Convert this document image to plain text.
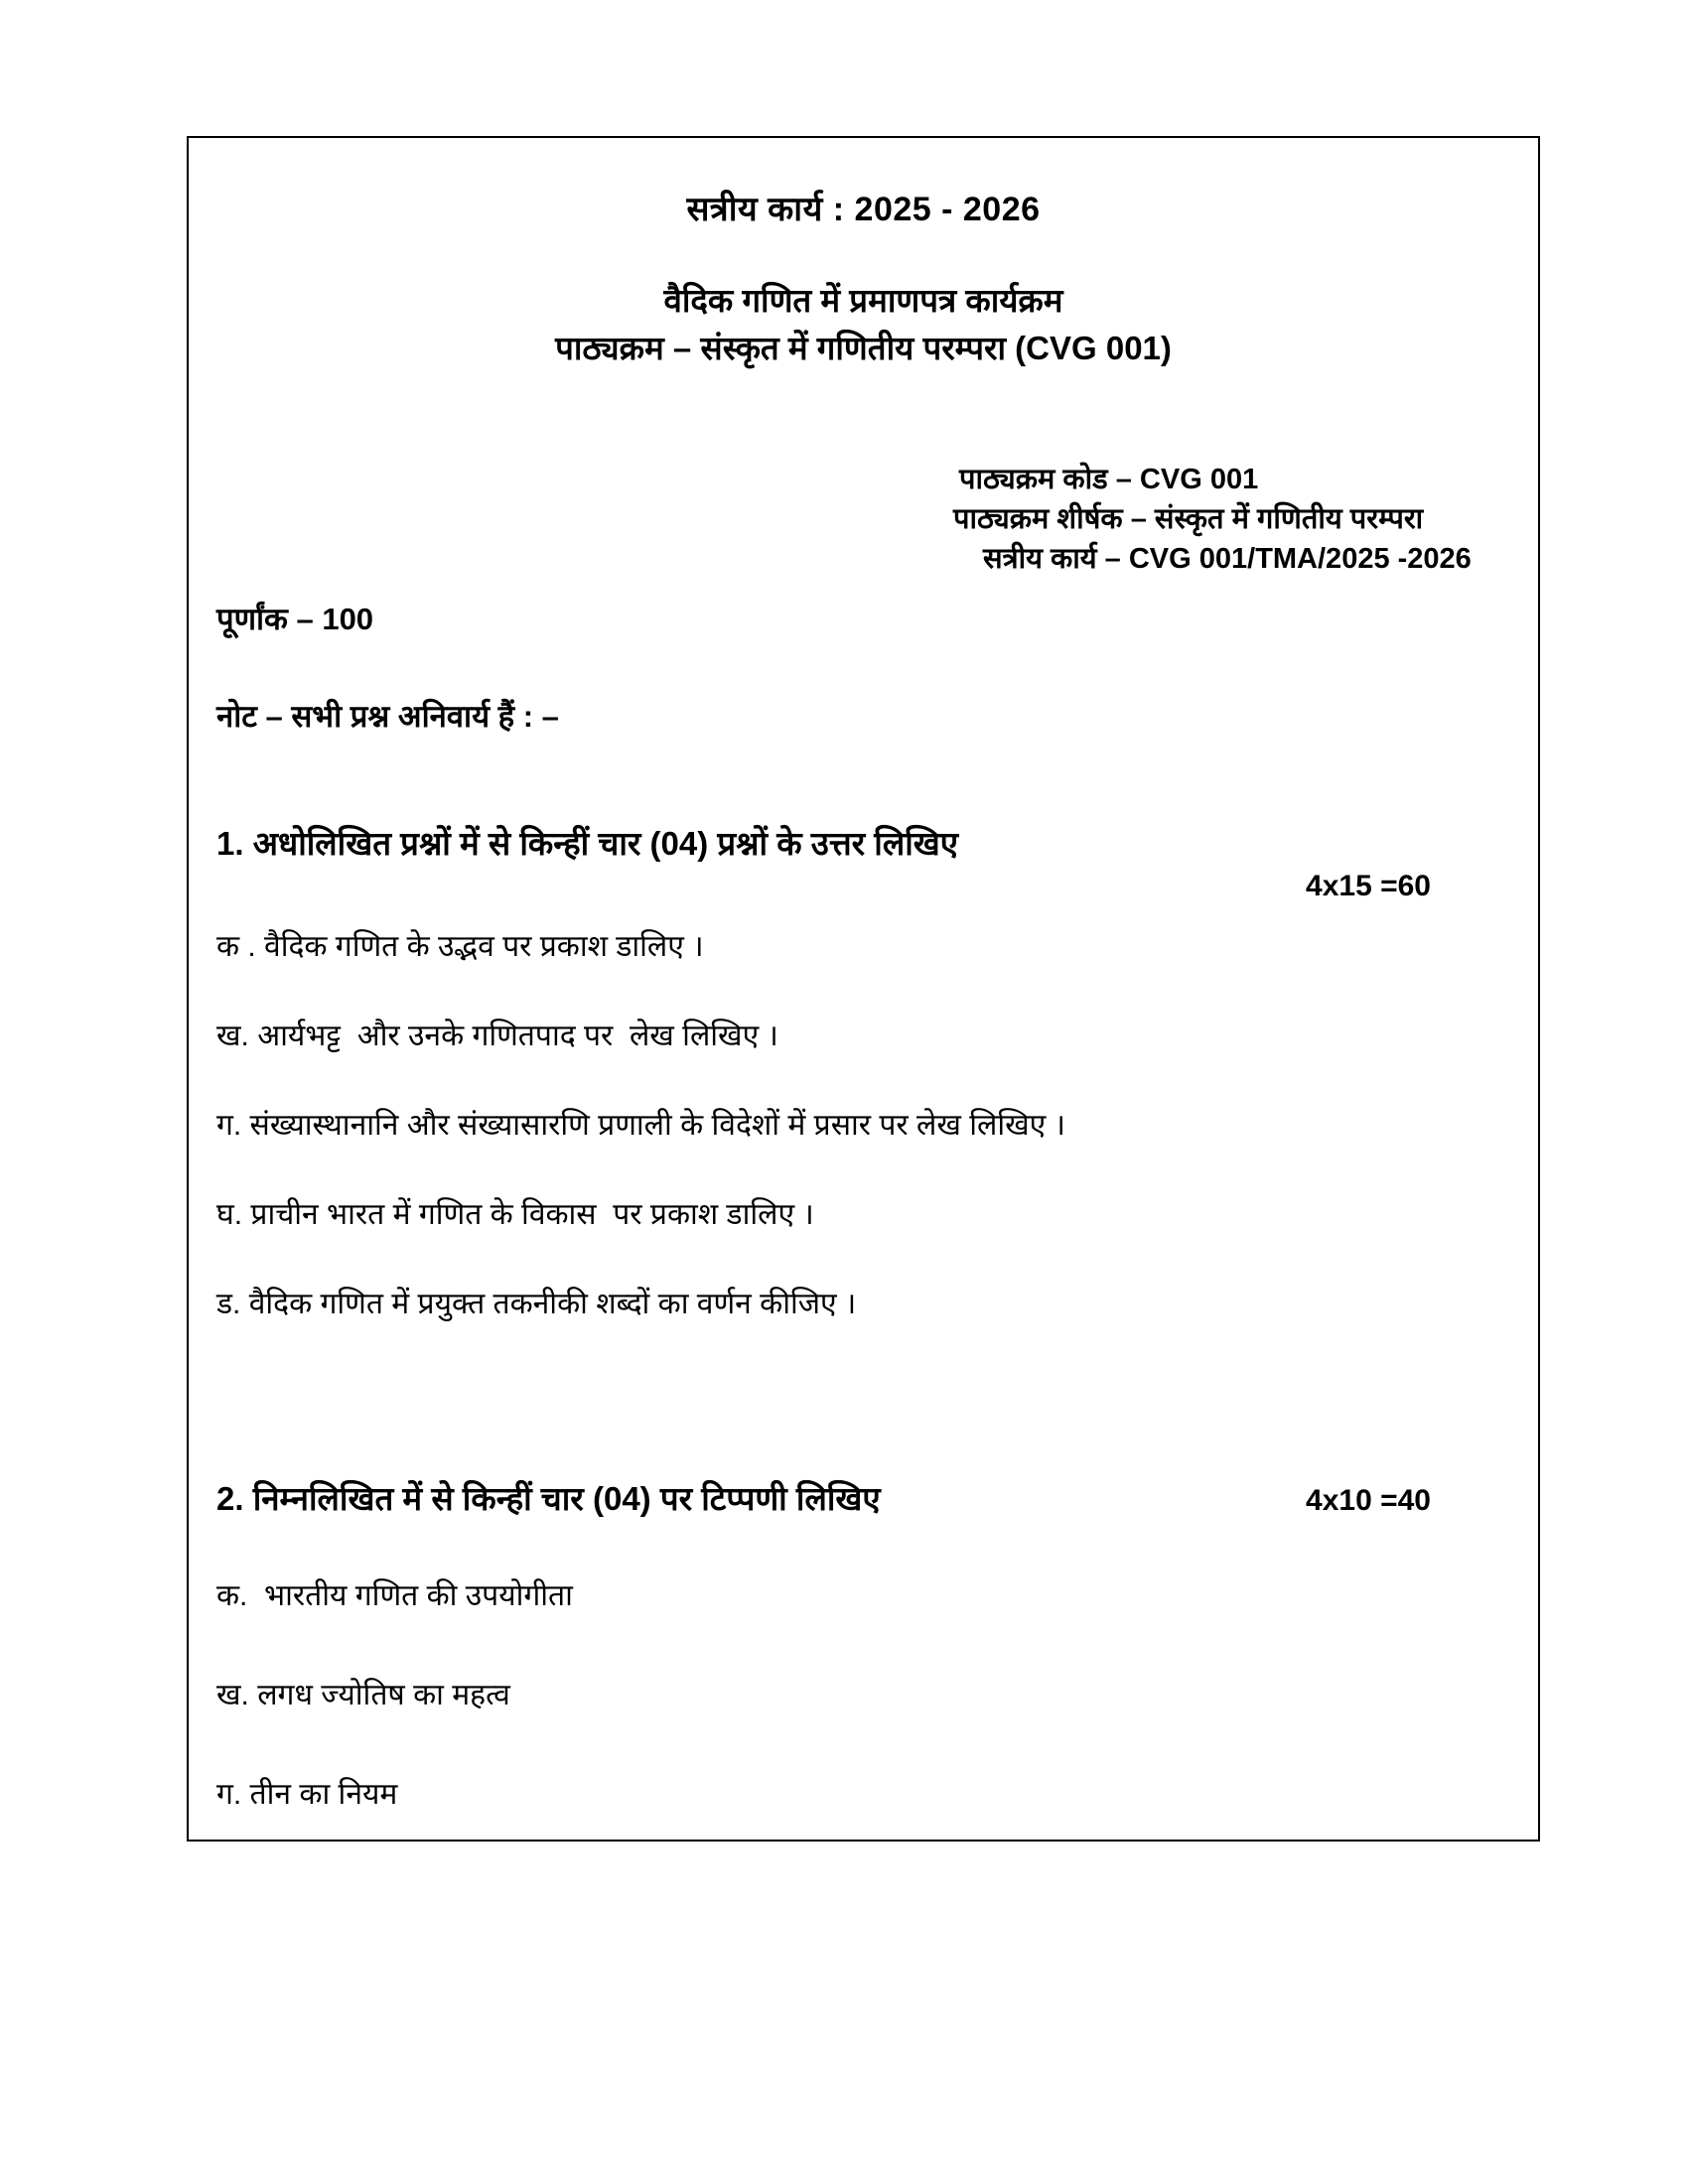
सत्रीय कार्य : 2025 - 2026
वैदिक गणित में प्रमाणपत्र कार्यक्रम
पाठ्यक्रम – संस्कृत में गणितीय परम्परा (CVG 001)
पाठ्यक्रम कोड – CVG 001
पाठ्यक्रम शीर्षक – संस्कृत में गणितीय परम्परा
सत्रीय कार्य – CVG 001/TMA/2025 -2026
पूर्णांक – 100
नोट – सभी प्रश्न अनिवार्य हैं : –
1. अधोलिखित प्रश्नों में से किन्हीं चार (04) प्रश्नों के उत्तर लिखिए
4x15 =60
क . वैदिक गणित के उद्भव पर प्रकाश डालिए ।
ख. आर्यभट्ट  और उनके गणितपाद पर  लेख लिखिए ।
ग. संख्यास्थानानि और संख्यासारणि प्रणाली के विदेशों में प्रसार पर लेख लिखिए ।
घ. प्राचीन भारत में गणित के विकास  पर प्रकाश डालिए ।
ड. वैदिक गणित में प्रयुक्त तकनीकी शब्दों का वर्णन कीजिए ।
2. निम्नलिखित में से किन्हीं चार (04) पर टिप्पणी लिखिए	4x10 =40
क.  भारतीय गणित की उपयोगीता
ख. लगध ज्योतिष का महत्व
ग. तीन का नियम
